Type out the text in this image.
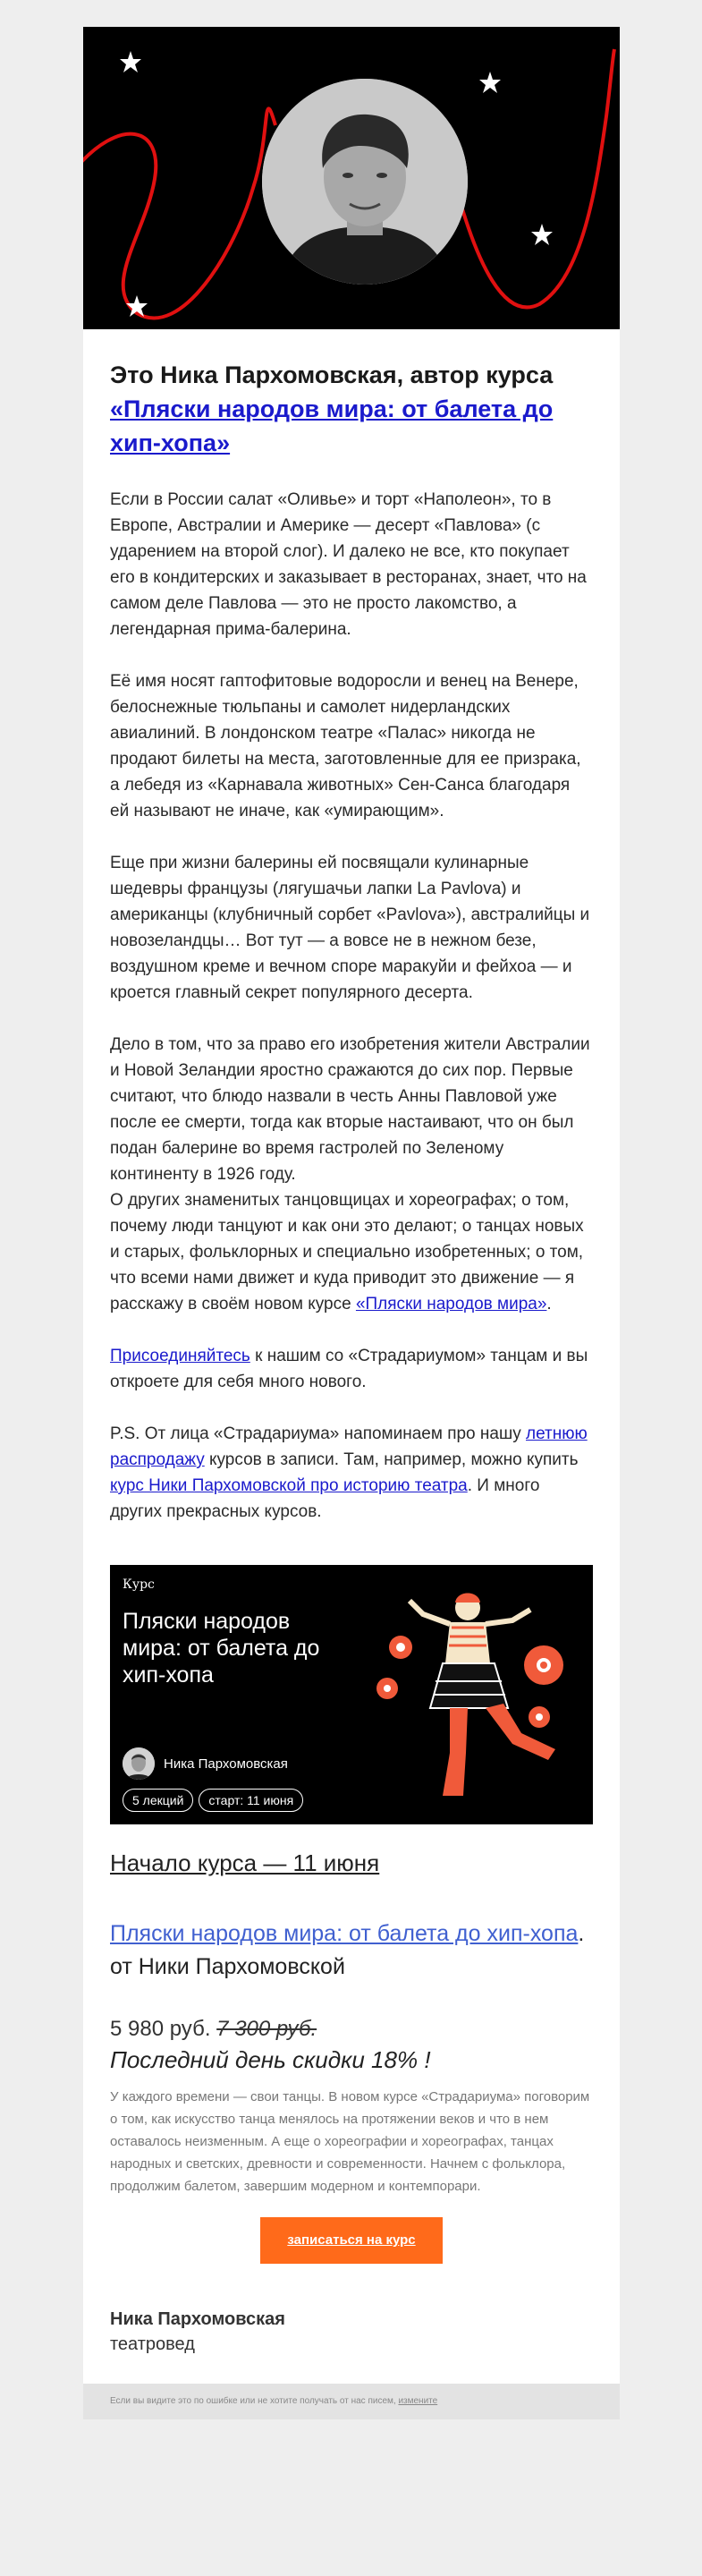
Это Ника Пархомовская, автор курса «Пляски народов мира: от балета до хип-хопа»

Если в России салат «Оливье» и торт «Наполеон», то в Европе, Австралии и Америке — десерт «Павлова» (с ударением на второй слог). И далеко не все, кто покупает его в кондитерских и заказывает в ресторанах, знает, что на самом деле Павлова — это не просто лакомство, а легендарная прима-балерина.

Её имя носят гаптофитовые водоросли и венец на Венере, белоснежные тюльпаны и самолет нидерландских авиалиний. В лондонском театре «Палас» никогда не продают билеты на места, заготовленные для ее призрака, а лебедя из «Карнавала животных» Сен-Санса благодаря ей называют не иначе, как «умирающим».

Еще при жизни балерины ей посвящали кулинарные шедевры французы (лягушачьи лапки La Pavlova) и американцы (клубничный сорбет «Pavlova»), австралийцы и новозеландцы… Вот тут — а вовсе не в нежном безе, воздушном креме и вечном споре маракуйи и фейхоа — и кроется главный секрет популярного десерта.

Дело в том, что за право его изобретения жители Австралии и Новой Зеландии яростно сражаются до сих пор. Первые считают, что блюдо назвали в честь Анны Павловой уже после ее смерти, тогда как вторые настаивают, что он был подан балерине во время гастролей по Зеленому континенту в 1926 году.

О других знаменитых танцовщицах и хореографах; о том, почему люди танцуют и как они это делают; о танцах новых и старых, фольклорных и специально изобретенных; о том, что всеми нами движет и куда приводит это движение — я расскажу в своём новом курсе «Пляски народов мира».

Присоединяйтесь к нашим со «Страдариумом» танцам и вы откроете для себя много нового.

P.S. От лица «Страдариума» напоминаем про нашу летнюю распродажу курсов в записи. Там, например, можно купить курс Ники Пархомовской про историю театра. И много других прекрасных курсов.

Курс
Пляски народов мира: от балета до хип-хопа
Ника Пархомовская
5 лекций	старт: 11 июня
Начало курса — 11 июня
Пляски народов мира: от балета до хип-хопа.
от Ники Пархомовской
5 980 руб. 7 300 руб.
Последний день скидки 18% !
У каждого времени — свои танцы. В новом курсе «Страдариума» поговорим о том, как искусство танца менялось на протяжении веков и что в нем оставалось неизменным. А еще о хореографии и хореографах, танцах народных и светских, древности и современности. Начнем с фольклора, продолжим балетом, завершим модерном и контемпорари.
записаться на курс
Ника Пархомовская
театровед
Если вы видите это по ошибке или не хотите получать от нас писем, измените
